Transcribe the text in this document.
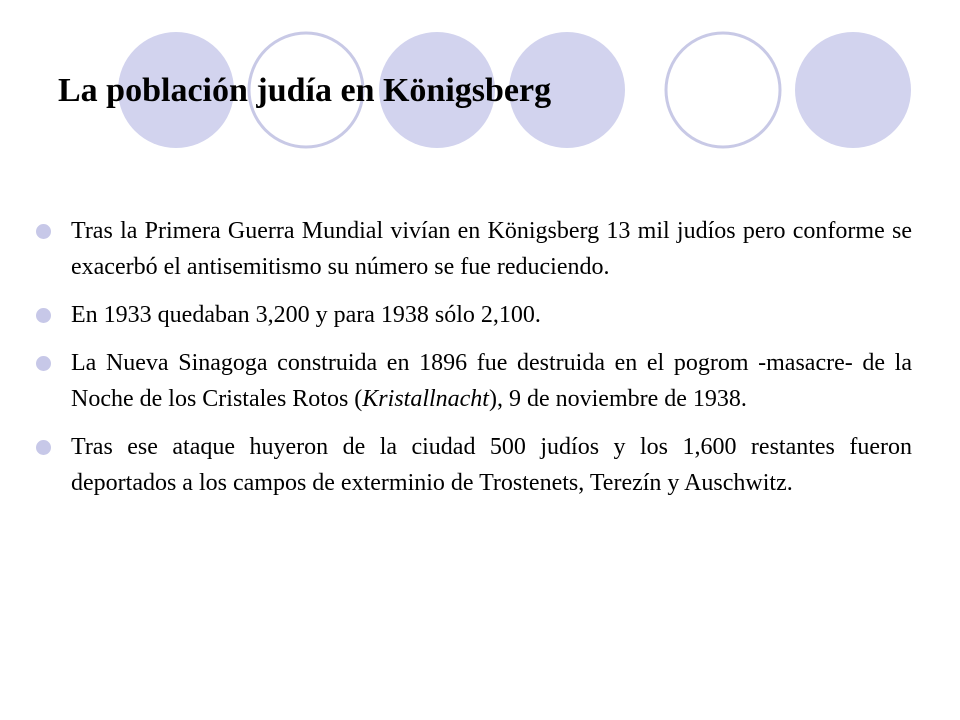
La población judía en Königsberg
Tras la Primera Guerra Mundial vivían en Königsberg 13 mil judíos pero conforme se exacerbó el antisemitismo su número se fue reduciendo.
En 1933 quedaban 3,200 y para 1938 sólo 2,100.
La Nueva Sinagoga construida en 1896 fue destruida en el pogrom -masacre- de la Noche de los Cristales Rotos (Kristallnacht), 9 de noviembre de 1938.
Tras ese ataque huyeron de la ciudad 500 judíos y los 1,600 restantes fueron deportados a los campos de exterminio de Trostenets, Terezín y Auschwitz.
